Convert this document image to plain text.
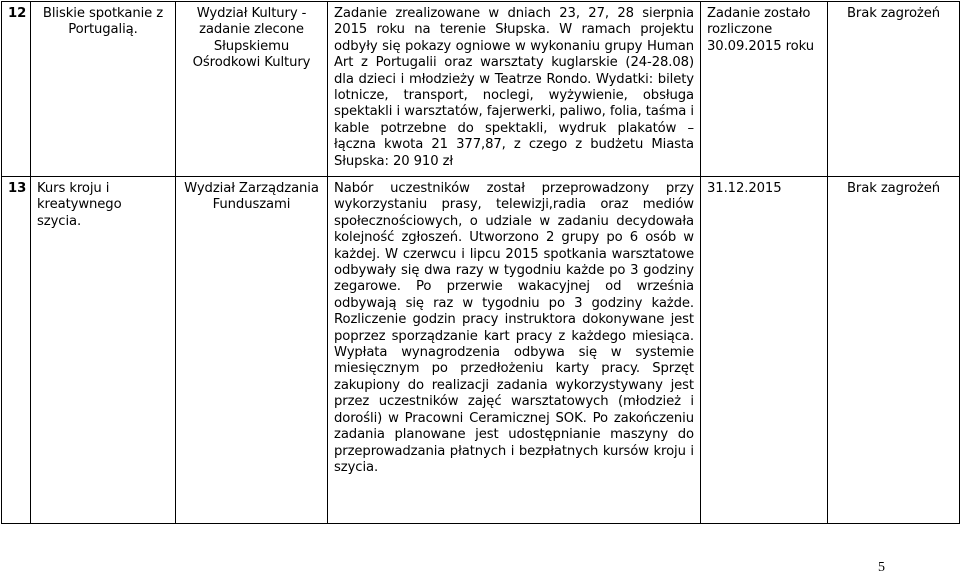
12	Bliskie spotkanie z Portugalią.	Wydział Kultury - zadanie zlecone Słupskiemu Ośrodkowi Kultury	Zadanie zrealizowane w dniach 23, 27, 28 sierpnia 2015 roku na terenie Słupska. W ramach projektu odbyły się pokazy ogniowe w wykonaniu grupy Human Art z Portugalii oraz warsztaty kuglarskie (24-28.08) dla dzieci i młodzieży w Teatrze Rondo. Wydatki: bilety lotnicze, transport, noclegi, wyżywienie, obsługa spektakli i warsztatów, fajerwerki, paliwo, folia, taśma i kable potrzebne do spektakli, wydruk plakatów – łączna kwota 21 377,87, z czego z budżetu Miasta Słupska: 20 910 zł	Zadanie zostało rozliczone 30.09.2015 roku	Brak zagrożeń
13	Kurs kroju i kreatywnego szycia.	Wydział Zarządzania Funduszami	Nabór uczestników został przeprowadzony przy wykorzystaniu prasy, telewizji,radia oraz mediów społecznościowych, o udziale w zadaniu decydowała kolejność zgłoszeń. Utworzono 2 grupy po 6 osób w każdej. W czerwcu i lipcu 2015 spotkania warsztatowe odbywały się dwa razy w tygodniu każde po 3 godziny zegarowe. Po przerwie wakacyjnej od września odbywają się raz w tygodniu po 3 godziny każde. Rozliczenie godzin pracy instruktora dokonywane jest poprzez sporządzanie kart pracy z każdego miesiąca. Wypłata wynagrodzenia odbywa się w systemie miesięcznym po przedłożeniu karty pracy. Sprzęt zakupiony do realizacji zadania wykorzystywany jest przez uczestników zajęć warsztatowych (młodzież i dorośli) w Pracowni Ceramicznej SOK. Po zakończeniu zadania planowane jest udostępnianie maszyny do przeprowadzania płatnych i bezpłatnych kursów kroju i szycia.	31.12.2015	Brak zagrożeń
5
